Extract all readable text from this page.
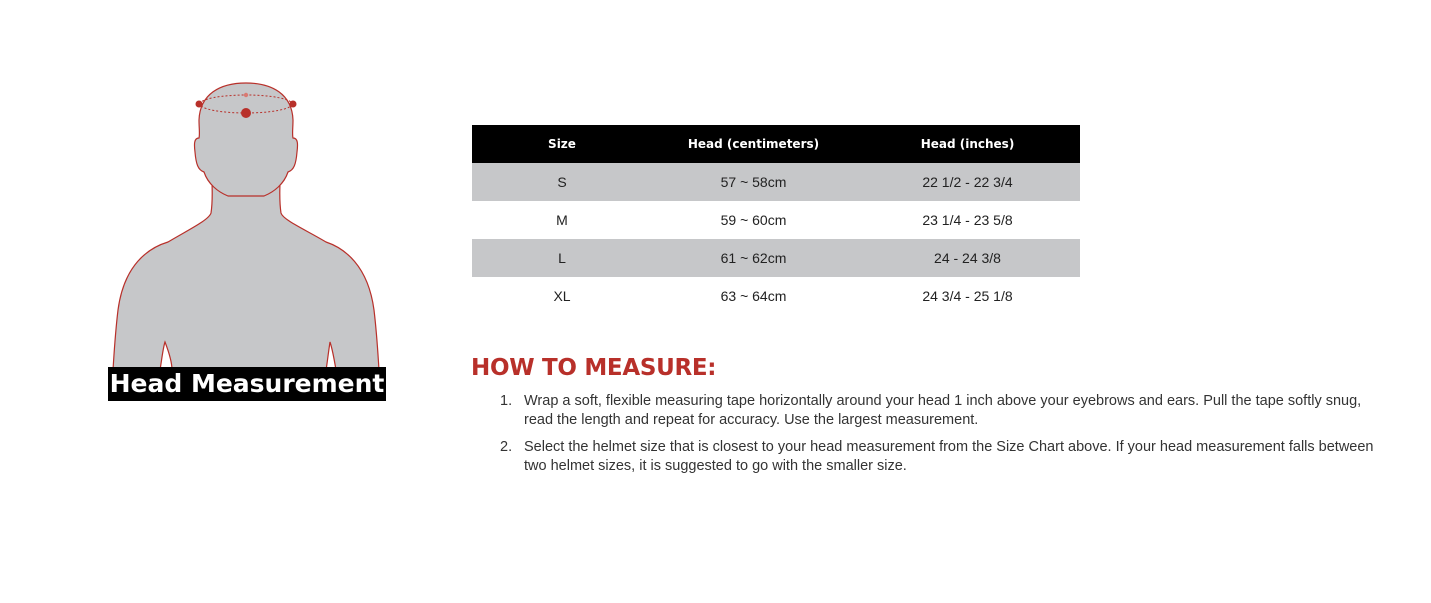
Head Measurement
Size	Head (centimeters)	Head (inches)
S	57 ~ 58cm	22 1/2 - 22 3/4
M	59 ~ 60cm	23 1/4 - 23 5/8
L	61 ~ 62cm	24 - 24 3/8
XL	63 ~ 64cm	24 3/4 - 25 1/8
HOW TO MEASURE:
1. Wrap a soft, flexible measuring tape horizontally around your head 1 inch above your eyebrows and ears. Pull the tape softly snug, read the length and repeat for accuracy. Use the largest measurement.
2. Select the helmet size that is closest to your head measurement from the Size Chart above. If your head measurement falls between two helmet sizes, it is suggested to go with the smaller size.
